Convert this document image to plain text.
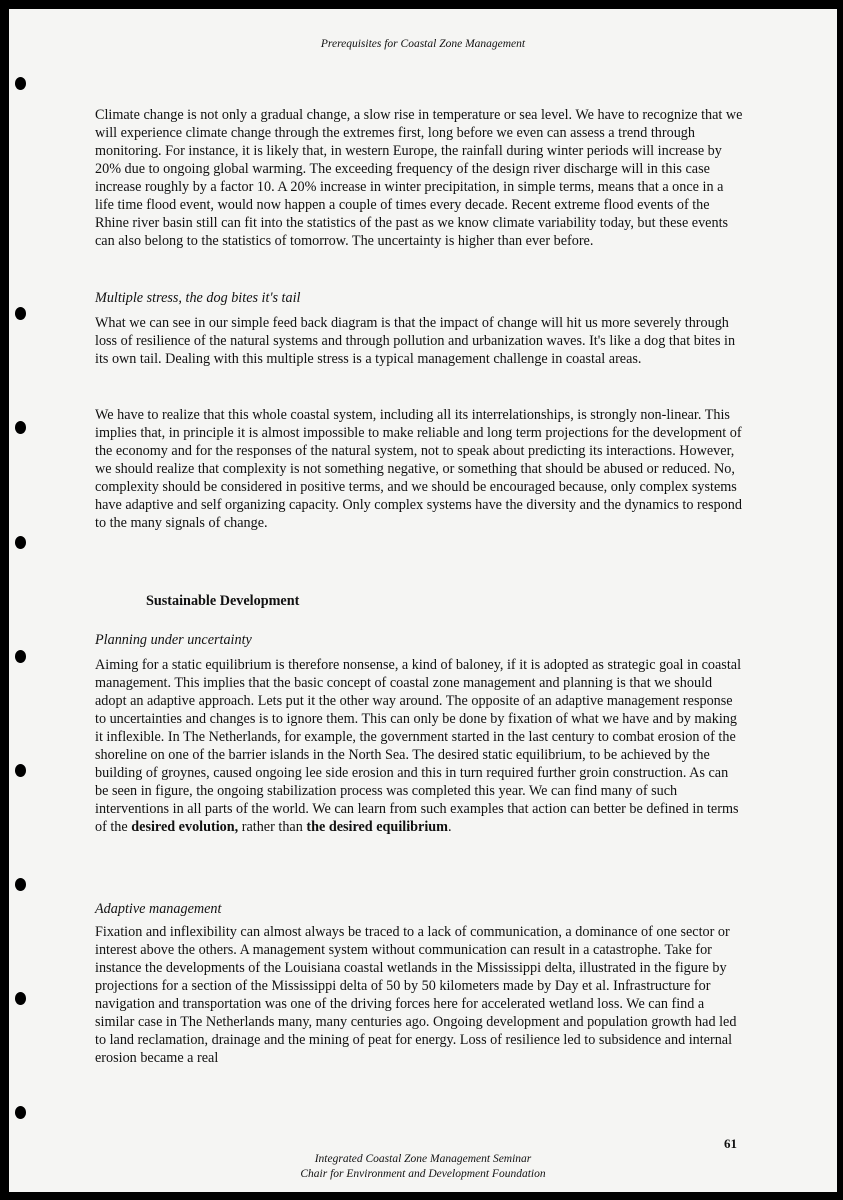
Prerequisites for Coastal Zone Management

Climate change is not only a gradual change, a slow rise in temperature or sea level. We have to recognize that we will experience climate change through the extremes first, long before we even can assess a trend through monitoring. For instance, it is likely that, in western Europe, the rainfall during winter periods will increase by 20% due to ongoing global warming. The exceeding frequency of the design river discharge will in this case increase roughly by a factor 10. A 20% increase in winter precipitation, in simple terms, means that a once in a life time flood event, would now happen a couple of times every decade. Recent extreme flood events of the Rhine river basin still can fit into the statistics of the past as we know climate variability today, but these events can also belong to the statistics of tomorrow. The uncertainty is higher than ever before.

Multiple stress, the dog bites it's tail

What we can see in our simple feed back diagram is that the impact of change will hit us more severely through loss of resilience of the natural systems and through pollution and urbanization waves. It's like a dog that bites in its own tail. Dealing with this multiple stress is a typical management challenge in coastal areas.

We have to realize that this whole coastal system, including all its interrelationships, is strongly non-linear. This implies that, in principle it is almost impossible to make reliable and long term projections for the development of the economy and for the responses of the natural system, not to speak about predicting its interactions. However, we should realize that complexity is not something negative, or something that should be abused or reduced. No, complexity should be considered in positive terms, and we should be encouraged because, only complex systems have adaptive and self organizing capacity. Only complex systems have the diversity and the dynamics to respond to the many signals of change.

Sustainable Development

Planning under uncertainty

Aiming for a static equilibrium is therefore nonsense, a kind of baloney, if it is adopted as strategic goal in coastal management. This implies that the basic concept of coastal zone management and planning is that we should adopt an adaptive approach. Lets put it the other way around. The opposite of an adaptive management response to uncertainties and changes is to ignore them. This can only be done by fixation of what we have and by making it inflexible. In The Netherlands, for example, the government started in the last century to combat erosion of the shoreline on one of the barrier islands in the North Sea. The desired static equilibrium, to be achieved by the building of groynes, caused ongoing lee side erosion and this in turn required further groin construction. As can be seen in figure, the ongoing stabilization process was completed this year. We can find many of such interventions in all parts of the world. We can learn from such examples that action can better be defined in terms of the desired evolution, rather than the desired equilibrium.

Adaptive management

Fixation and inflexibility can almost always be traced to a lack of communication, a dominance of one sector or interest above the others. A management system without communication can result in a catastrophe. Take for instance the developments of the Louisiana coastal wetlands in the Mississippi delta, illustrated in the figure by projections for a section of the Mississippi delta of 50 by 50 kilometers made by Day et al. Infrastructure for navigation and transportation was one of the driving forces here for accelerated wetland loss. We can find a similar case in The Netherlands many, many centuries ago. Ongoing development and population growth had led to land reclamation, drainage and the mining of peat for energy. Loss of resilience led to subsidence and internal erosion became a real

61
Integrated Coastal Zone Management Seminar
Chair for Environment and Development Foundation
